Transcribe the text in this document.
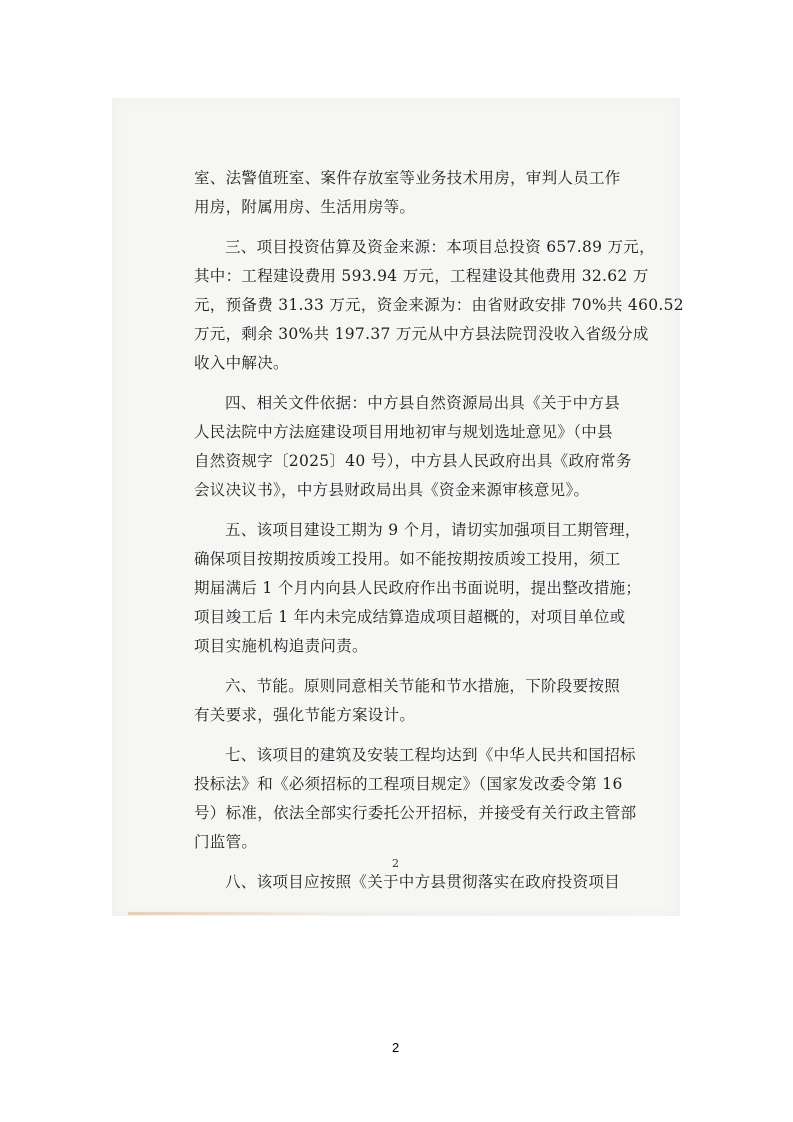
室、法警值班室、案件存放室等业务技术用房，审判人员工作
用房，附属用房、生活用房等。
三、项目投资估算及资金来源：本项目总投资 657.89 万元，
其中：工程建设费用 593.94 万元，工程建设其他费用 32.62 万
元，预备费 31.33 万元，资金来源为：由省财政安排 70%共 460.52
万元，剩余 30%共 197.37 万元从中方县法院罚没收入省级分成
收入中解决。
四、相关文件依据：中方县自然资源局出具《关于中方县
人民法院中方法庭建设项目用地初审与规划选址意见》（中县
自然资规字〔2025〕40 号），中方县人民政府出具《政府常务
会议决议书》，中方县财政局出具《资金来源审核意见》。
五、该项目建设工期为 9 个月，请切实加强项目工期管理，
确保项目按期按质竣工投用。如不能按期按质竣工投用，须工
期届满后 1 个月内向县人民政府作出书面说明，提出整改措施；
项目竣工后 1 年内未完成结算造成项目超概的，对项目单位或
项目实施机构追责问责。
六、节能。原则同意相关节能和节水措施，下阶段要按照
有关要求，强化节能方案设计。
七、该项目的建筑及安装工程均达到《中华人民共和国招标
投标法》和《必须招标的工程项目规定》（国家发改委令第 16
号）标准，依法全部实行委托公开招标，并接受有关行政主管部
门监管。
八、该项目应按照《关于中方县贯彻落实在政府投资项目
2
2
